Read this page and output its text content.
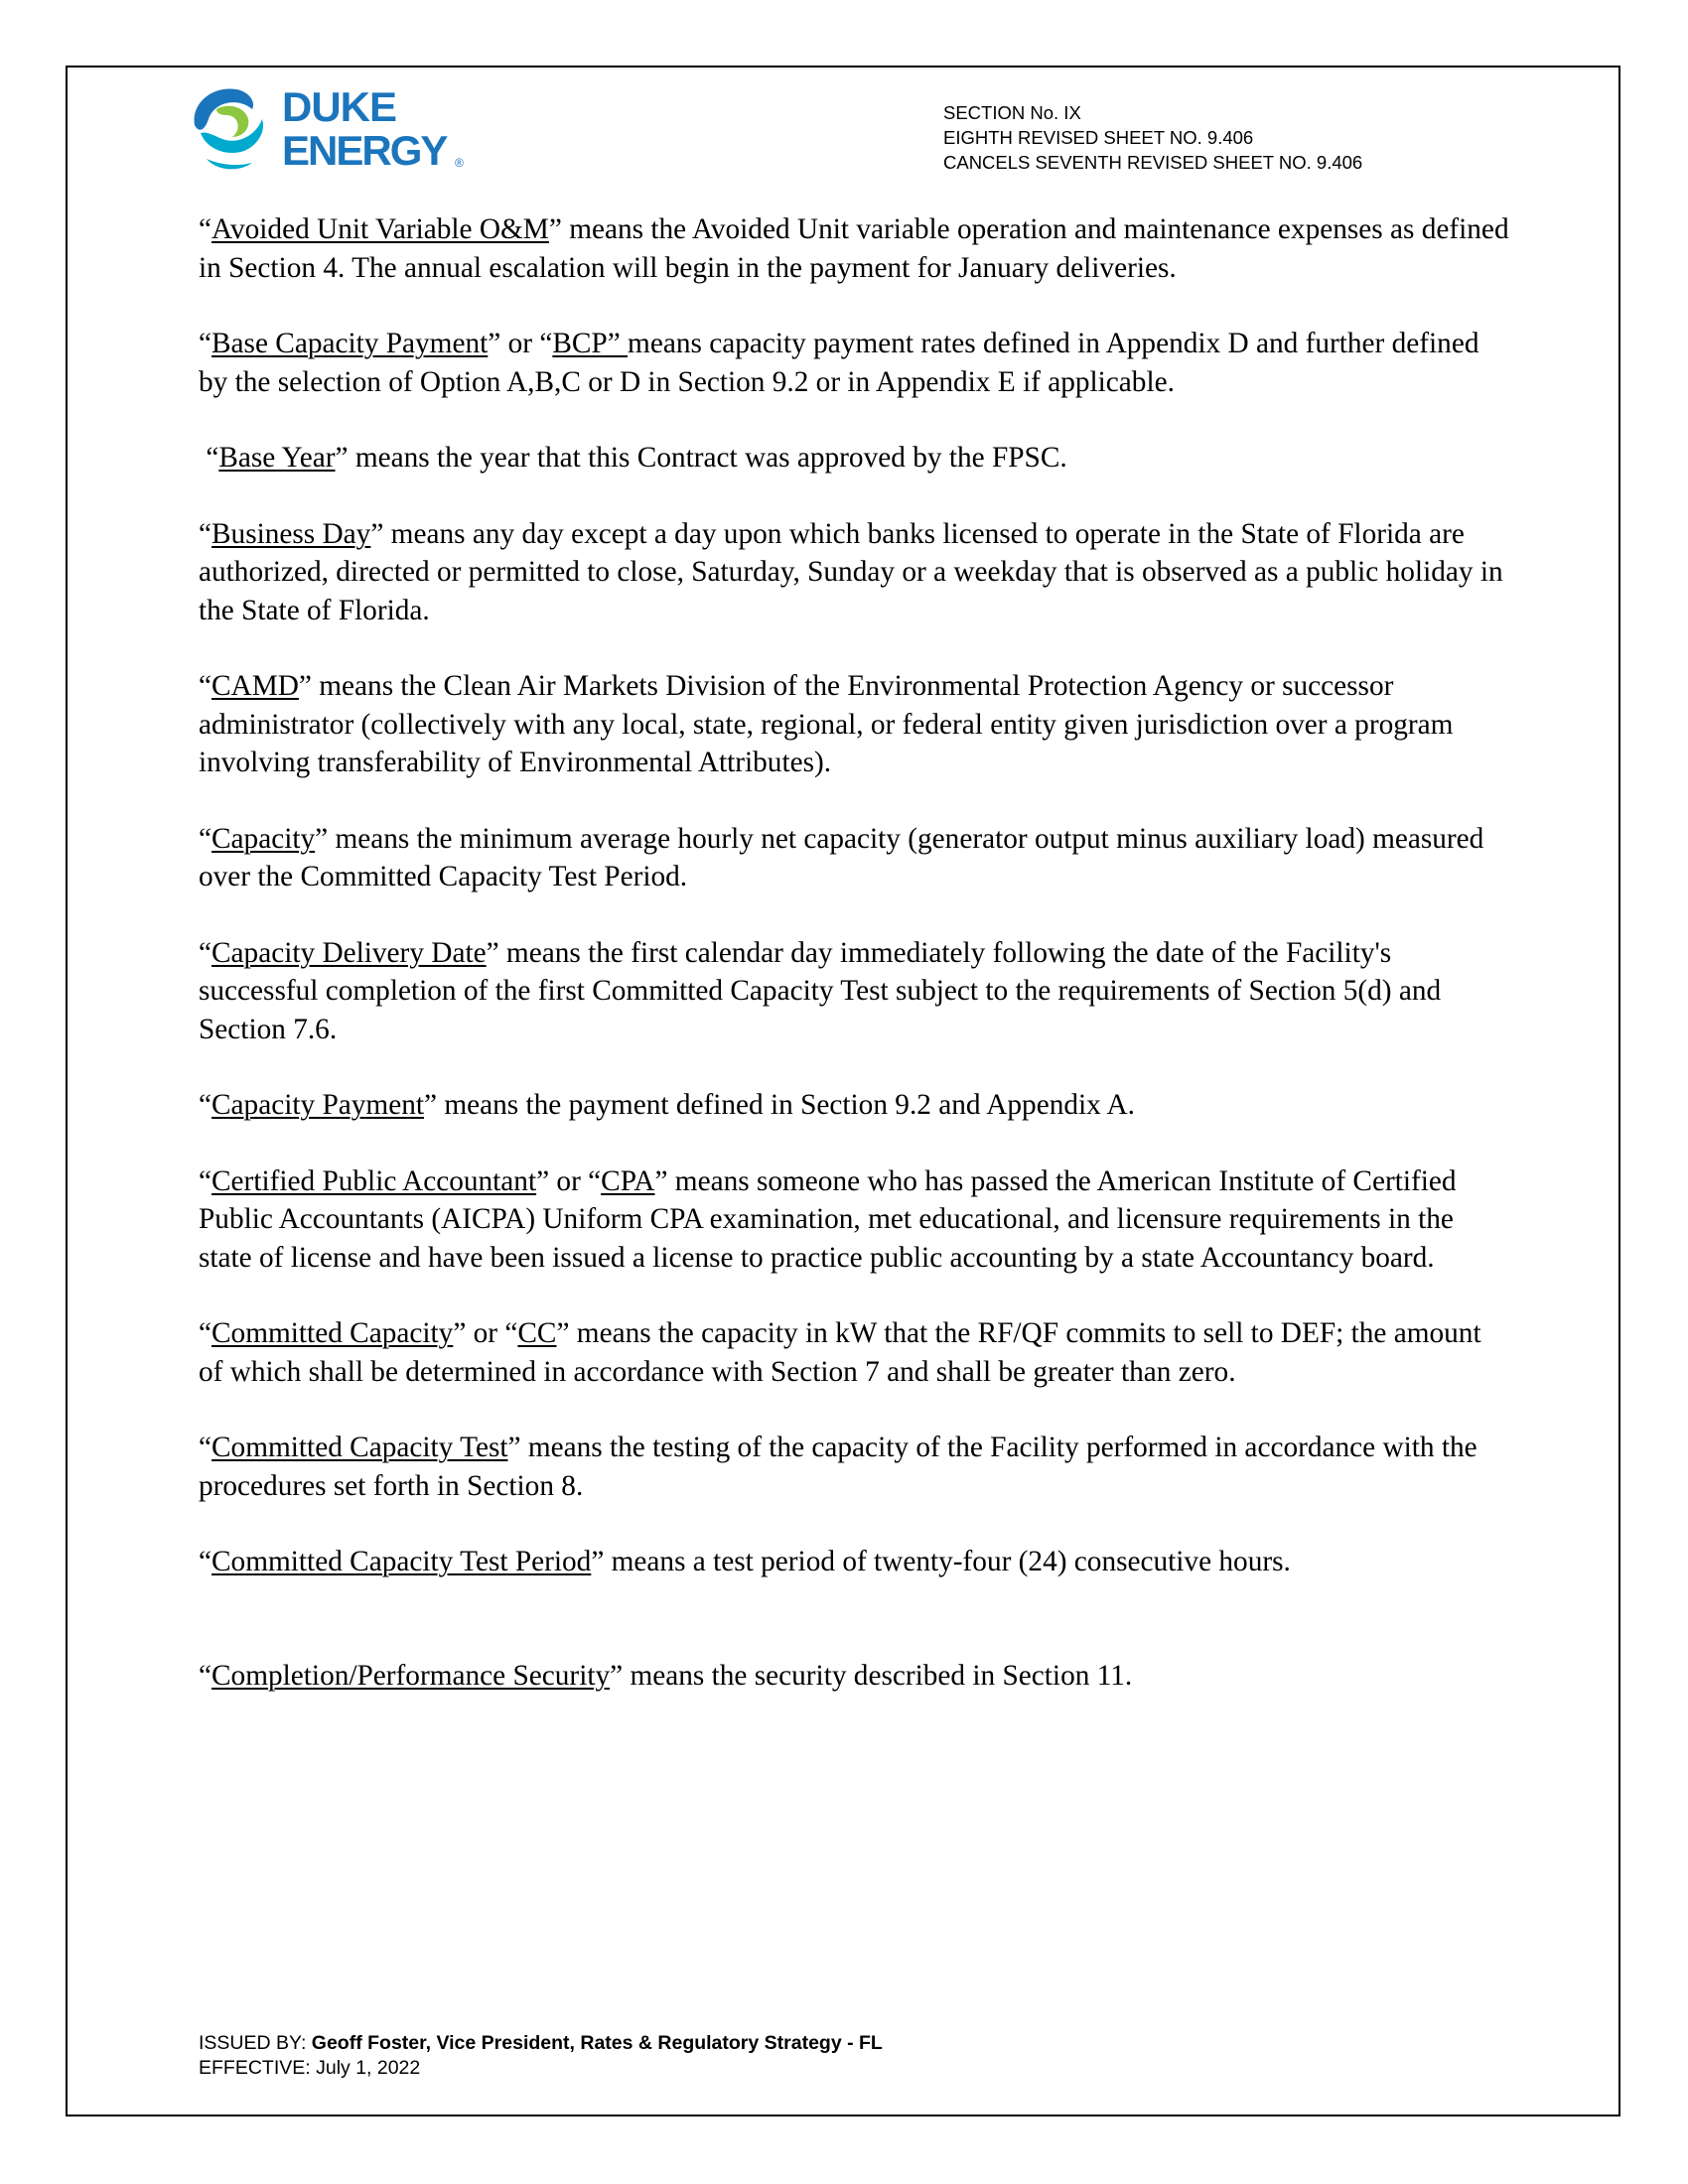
DUKE
ENERGY ®
SECTION No. IX
EIGHTH REVISED SHEET NO. 9.406
CANCELS SEVENTH REVISED SHEET NO. 9.406

“Avoided Unit Variable O&M” means the Avoided Unit variable operation and maintenance expenses as defined in Section 4. The annual escalation will begin in the payment for January deliveries.

“Base Capacity Payment” or “BCP” means capacity payment rates defined in Appendix D and further defined by the selection of Option A,B,C or D in Section 9.2 or in Appendix E if applicable.

“Base Year” means the year that this Contract was approved by the FPSC.

“Business Day” means any day except a day upon which banks licensed to operate in the State of Florida are authorized, directed or permitted to close, Saturday, Sunday or a weekday that is observed as a public holiday in the State of Florida.

“CAMD” means the Clean Air Markets Division of the Environmental Protection Agency or successor administrator (collectively with any local, state, regional, or federal entity given jurisdiction over a program involving transferability of Environmental Attributes).

“Capacity” means the minimum average hourly net capacity (generator output minus auxiliary load) measured over the Committed Capacity Test Period.

“Capacity Delivery Date” means the first calendar day immediately following the date of the Facility's successful completion of the first Committed Capacity Test subject to the requirements of Section 5(d) and Section 7.6.

“Capacity Payment” means the payment defined in Section 9.2 and Appendix A.

“Certified Public Accountant” or “CPA” means someone who has passed the American Institute of Certified Public Accountants (AICPA) Uniform CPA examination, met educational, and licensure requirements in the state of license and have been issued a license to practice public accounting by a state Accountancy board.

“Committed Capacity” or “CC” means the capacity in kW that the RF/QF commits to sell to DEF; the amount of which shall be determined in accordance with Section 7 and shall be greater than zero.

“Committed Capacity Test” means the testing of the capacity of the Facility performed in accordance with the procedures set forth in Section 8.

“Committed Capacity Test Period” means a test period of twenty-four (24) consecutive hours.

“Completion/Performance Security” means the security described in Section 11.

ISSUED BY: Geoff Foster, Vice President, Rates & Regulatory Strategy - FL
EFFECTIVE: July 1, 2022
